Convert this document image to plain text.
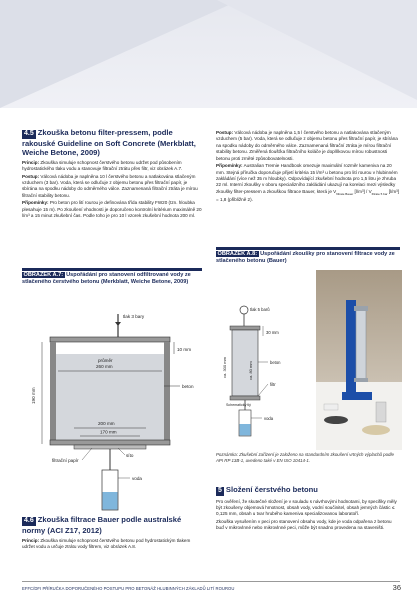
4.5 Zkouška betonu filter-pressem, podle rakouské Guideline on Soft Concrete (Merkblatt, Weiche Betone, 2009)

Princip: Zkouška simuluje schopnost čerstvého betonu udržet pod působením hydrostatického tlaku vodu a stanovuje filtrační ztrátu přes filtr, viz obrázek A.7.

Postup: Válcová nádoba je naplněna 10 l čerstvého betonu a natlakována stlačeným vzduchem (3 bar). Voda, která se odlučuje z objemu betonu přes filtrační papír, je sbírána na spodku nádoby do odměrného válce. Zaznamenaná filtrační ztráta je mírou filtrační stability betonu.

Připomínky: Pro beton pro lití rourou je definována třída stability FW20 (tzn. hloubka plesahuje 15 m). Po zkoušení vhodnosti je doporučeno kontrolní kritérium maximálně 20 l/m³ a 15 minut zkušební čas. Podle toho je pro 10 l vzorek zkušební hodnota 200 ml.

Postup: Válcová nádoba je naplněna 1,5 l čerstvého betonu a natlakována stlačeným vzduchem (5 bar). Voda, která se odlučuje z objemu betonu přes filtrační papír, je sbírána na spodku nádoby do odměrného válce. Zaznamenaná filtrační ztráta je mírou filtrační stability betonu. Změřená tloušťka filtračního koláče je doplňkovou mírou robustnosti betonu proti zrněté způsobovatelnosti.

Připomínky: Australian Tremie Handbook omezuje maximální rozměr kameniva na 20 mm. Stejná příručka doporučuje přijetí kritéria 15 l/m³ u betonu pro lití rourou v hlubinném zakládání (více než 35 m hloubky). Odpovídající zkušební hodnota pro 1,5 litru je zhruba 22 ml. Interní zkoušky v oboru specializního zakládání ukazují na korelaci mezi výsledky zkoušky filter-pressem a zkouškou filtrace Bauer, která je $V_{filtrate Bauer}$ $[l/m^3] / V_{filtrate 5 bar}$ [l/m³] = 1,8 (přibližně 2).

OBRÁZEK A.7: Uspořádání pro stanovení odfiltrované vody ze stlačeného čerstvého betonu (Merkblatt, Weiche Betone, 2009)
tlak 3 bary
průměr
260 mm
200 mm
170 mm
10 mm
190 mm
beton
filtrační papír
síto
voda
OBRÁZEK A.8: Uspořádání zkoušky pro stanovení filtrace vody ze stlačeného betonu (Bauer)
tlak 5 barů
30 mm
ca. 300 mm	ca. 80 mm	beton
filtr
voda
Schematický tlý
Poznámka: Zkušební zařízení je založeno na standardním zkoušení vrtných výplachů podle API RP 13B-1, uvedeno také v EN ISO 10414-1.
4.6 Zkouška filtrace Bauer podle australské normy (ACI Z17, 2012)

Princip: Zkouška simuluje schopnost čerstvého betonu pod hydrostatickým tlakem udržet vodu a určuje ztrátu vody filtrem, viz obrázek A.8.

5 Složení čerstvého betonu

Pro ověření, že skutečné složení je v souladu s návrhovými hodnotami, by specifiky měly být zkoušeny objemová hmotnost, obsah vody, vodní součinitel, obsah jemných částic ≤ 0,125 mm, obsah u tvar hrubého kameniva specializovanou laboratoří.

Zkouška vysušením v peci pro stanovení obsahu vody, kde je voda odpařena z betonu buď v mikrovlnné nebo mikrovlnné peci, může být snadno provedena na staveništi.

EFFC/DFI PŘÍRUČKA DOPORUČENÉHO POSTUPU PRO BETONÁŽ HLUBINNÝCH ZÁKLADŮ LITÍ ROUROU	36
